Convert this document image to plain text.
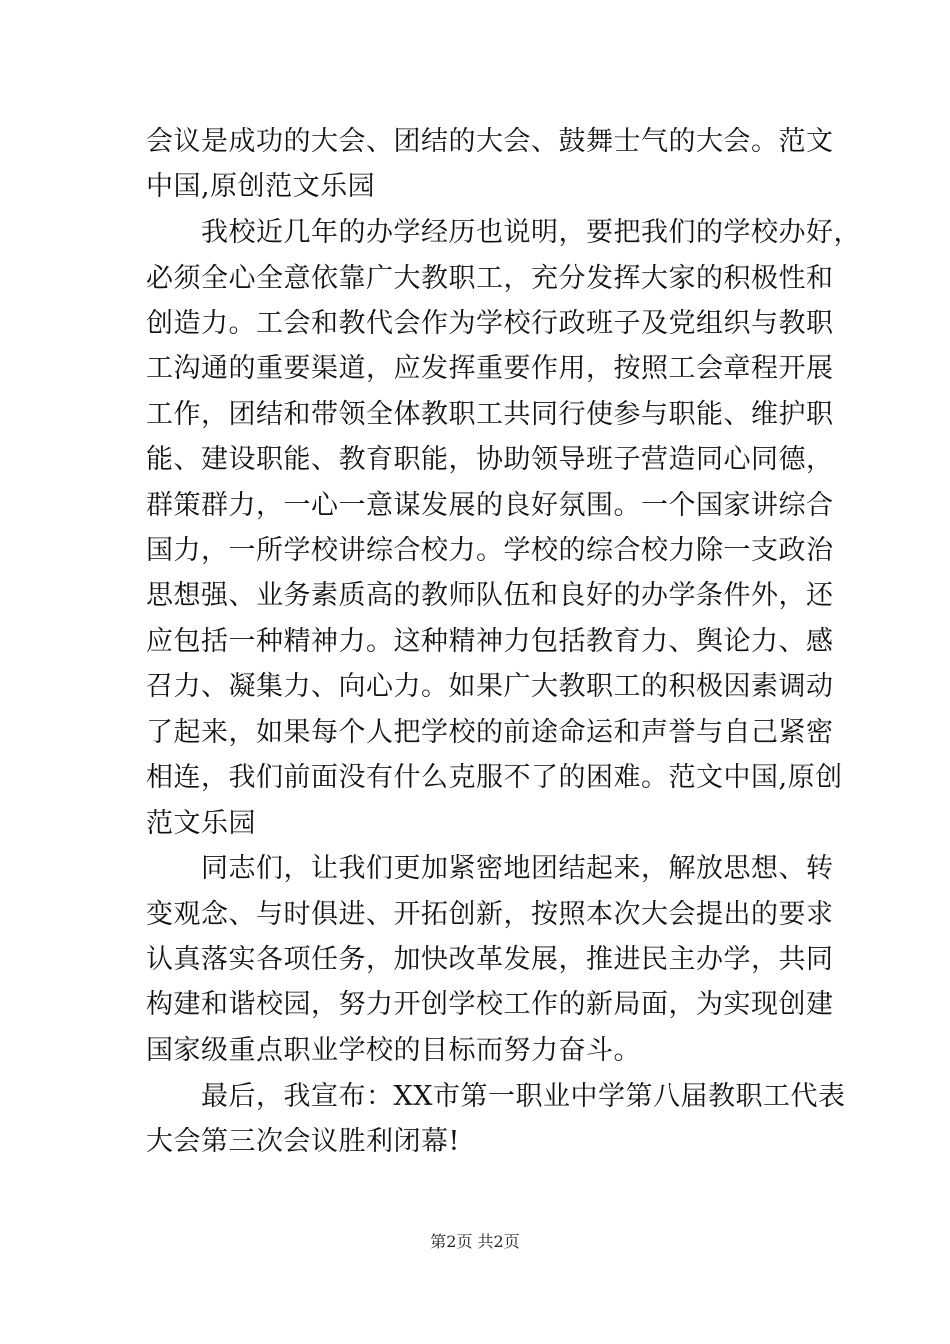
会议是成功的大会、团结的大会、鼓舞士气的大会。范文
中国,原创范文乐园
　　我校近几年的办学经历也说明，要把我们的学校办好，
必须全心全意依靠广大教职工，充分发挥大家的积极性和
创造力。工会和教代会作为学校行政班子及党组织与教职
工沟通的重要渠道，应发挥重要作用，按照工会章程开展
工作，团结和带领全体教职工共同行使参与职能、维护职
能、建设职能、教育职能，协助领导班子营造同心同德，
群策群力，一心一意谋发展的良好氛围。一个国家讲综合
国力，一所学校讲综合校力。学校的综合校力除一支政治
思想强、业务素质高的教师队伍和良好的办学条件外，还
应包括一种精神力。这种精神力包括教育力、舆论力、感
召力、凝集力、向心力。如果广大教职工的积极因素调动
了起来，如果每个人把学校的前途命运和声誉与自己紧密
相连，我们前面没有什么克服不了的困难。范文中国,原创
范文乐园
　　同志们，让我们更加紧密地团结起来，解放思想、转
变观念、与时俱进、开拓创新，按照本次大会提出的要求
认真落实各项任务，加快改革发展，推进民主办学，共同
构建和谐校园，努力开创学校工作的新局面，为实现创建
国家级重点职业学校的目标而努力奋斗。
　　最后，我宣布：XX市第一职业中学第八届教职工代表
大会第三次会议胜利闭幕!
第2页 共2页
